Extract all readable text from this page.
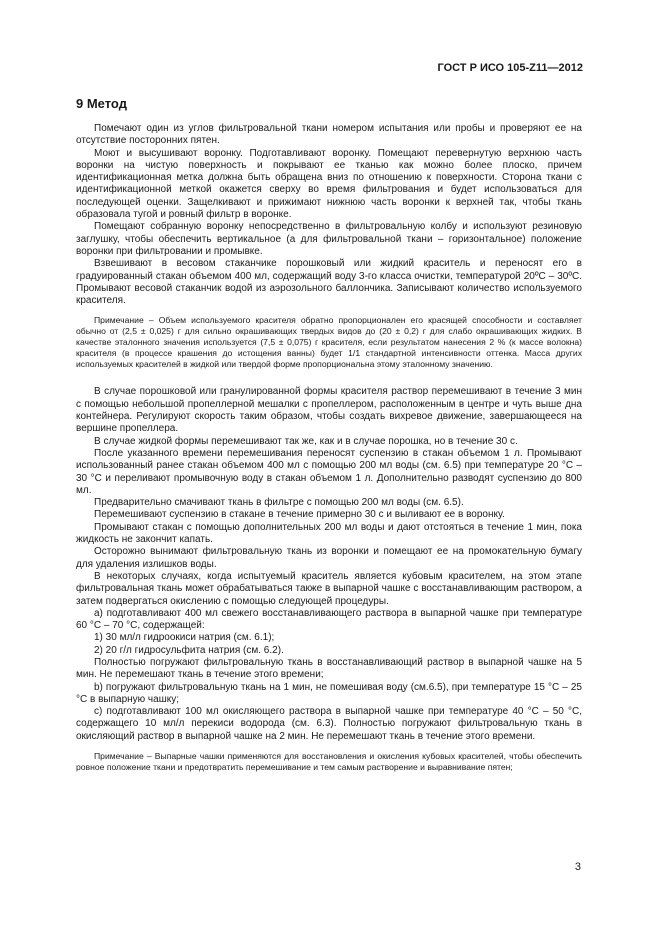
ГОСТ Р ИСО 105-Z11—2012
9 Метод

Помечают один из углов фильтровальной ткани номером испытания или пробы и проверяют ее на отсутствие посторонних пятен.

Моют и высушивают воронку. Подготавливают воронку. Помещают перевернутую верхнюю часть воронки на чистую поверхность и покрывают ее тканью как можно более плоско, причем идентификационная метка должна быть обращена вниз по отношению к поверхности. Сторона ткани с идентификационной меткой окажется сверху во время фильтрования и будет использоваться для последующей оценки. Защелкивают и прижимают нижнюю часть воронки к верхней так, чтобы ткань образовала тугой и ровный фильтр в воронке.

Помещают собранную воронку непосредственно в фильтровальную колбу и используют резиновую заглушку, чтобы обеспечить вертикальное (а для фильтровальной ткани – горизонтальное) положение воронки при фильтровании и промывке.

Взвешивают в весовом стаканчике порошковый или жидкий краситель и переносят его в градуированный стакан объемом 400 мл, содержащий воду 3-го класса очистки, температурой 20ºC – 30ºC. Промывают весовой стаканчик водой из аэрозольного баллончика. Записывают количество используемого красителя.

Примечание – Объем используемого красителя обратно пропорционален его красящей способности и составляет обычно от (2,5 ± 0,025) г для сильно окрашивающих твердых видов до (20 ± 0,2) г для слабо окрашивающих жидких. В качестве эталонного значения используется (7,5 ± 0,075) г красителя, если результатом нанесения 2 % (к массе волокна) красителя (в процессе крашения до истощения ванны) будет 1/1 стандартной интенсивности оттенка. Масса других используемых красителей в жидкой или твердой форме пропорциональна этому эталонному значению.

В случае порошковой или гранулированной формы красителя раствор перемешивают в течение 3 мин с помощью небольшой пропеллерной мешалки с пропеллером, расположенным в центре и чуть выше дна контейнера. Регулируют скорость таким образом, чтобы создать вихревое движение, завершающееся на вершине пропеллера.

В случае жидкой формы перемешивают так же, как и в случае порошка, но в течение 30 с.

После указанного времени перемешивания переносят суспензию в стакан объемом 1 л. Промывают использованный ранее стакан объемом 400 мл с помощью 200 мл воды (см. 6.5) при температуре 20 °С – 30 °С и переливают промывочную воду в стакан объемом 1 л. Дополнительно разводят суспензию до 800 мл.

Предварительно смачивают ткань в фильтре с помощью 200 мл воды (см. 6.5).

Перемешивают суспензию в стакане в течение примерно 30 с и выливают ее в воронку.

Промывают стакан с помощью дополнительных 200 мл воды и дают отстояться в течение 1 мин, пока жидкость не закончит капать.

Осторожно вынимают фильтровальную ткань из воронки и помещают ее на промокательную бумагу для удаления излишков воды.

В некоторых случаях, когда испытуемый краситель является кубовым красителем, на этом этапе фильтровальная ткань может обрабатываться также в выпарной чашке с восстанавливающим раствором, а затем подвергаться окислению с помощью следующей процедуры.

а) подготавливают 400 мл свежего восстанавливающего раствора в выпарной чашке при температуре 60 °С – 70 °С, содержащей:

1) 30 мл/л гидроокиси натрия (см. 6.1);

2) 20 г/л гидросульфита натрия (см. 6.2).

Полностью погружают фильтровальную ткань в восстанавливающий раствор в выпарной чашке на 5 мин. Не перемешают ткань в течение этого времени;

b) погружают фильтровальную ткань на 1 мин, не помешивая воду (см.6.5), при температуре 15 °С – 25 °С в выпарную чашку;

с) подготавливают 100 мл окисляющего раствора в выпарной чашке при температуре 40 °С – 50 °С, содержащего 10 мл/л перекиси водорода (см. 6.3). Полностью погружают фильтровальную ткань в окисляющий раствор в выпарной чашке на 2 мин. Не перемешают ткань в течение этого времени.

Примечание – Выпарные чашки применяются для восстановления и окисления кубовых красителей, чтобы обеспечить ровное положение ткани и предотвратить перемешивание и тем самым растворение и выравнивание пятен;

3
